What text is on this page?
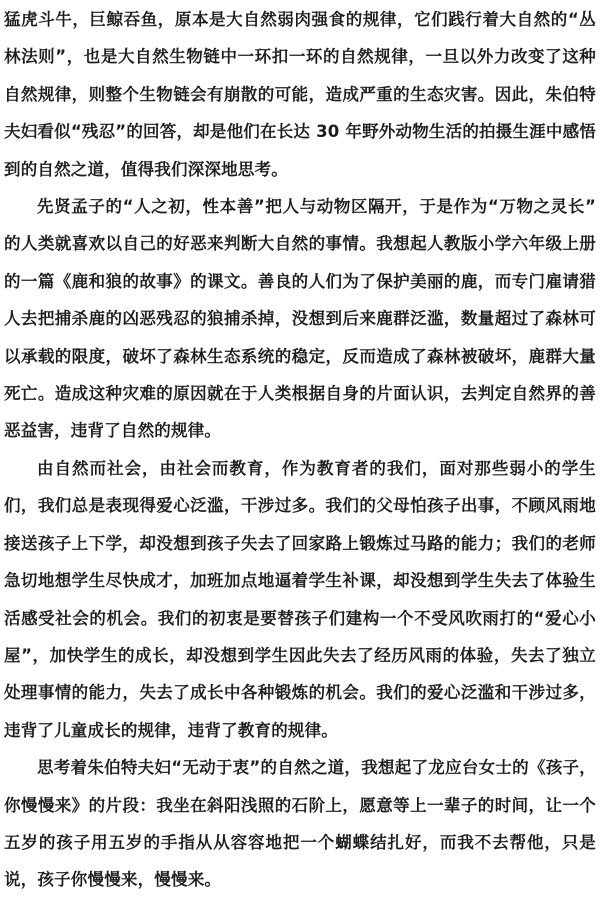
猛虎斗牛，巨鲸吞鱼，原本是大自然弱肉强食的规律，它们践行着大自然的“丛林法则”，也是大自然生物链中一环扣一环的自然规律，一旦以外力改变了这种自然规律，则整个生物链会有崩散的可能，造成严重的生态灾害。因此，朱伯特夫妇看似“残忍”的回答，却是他们在长达 30 年野外动物生活的拍摄生涯中感悟到的自然之道，值得我们深深地思考。

先贤孟子的“人之初，性本善”把人与动物区隔开，于是作为“万物之灵长”的人类就喜欢以自己的好恶来判断大自然的事情。我想起人教版小学六年级上册的一篇《鹿和狼的故事》的课文。善良的人们为了保护美丽的鹿，而专门雇请猎人去把捕杀鹿的凶恶残忍的狼捕杀掉，没想到后来鹿群泛滥，数量超过了森林可以承载的限度，破坏了森林生态系统的稳定，反而造成了森林被破坏，鹿群大量死亡。造成这种灾难的原因就在于人类根据自身的片面认识，去判定自然界的善恶益害，违背了自然的规律。

由自然而社会，由社会而教育，作为教育者的我们，面对那些弱小的学生们，我们总是表现得爱心泛滥，干涉过多。我们的父母怕孩子出事，不顾风雨地接送孩子上下学，却没想到孩子失去了回家路上锻炼过马路的能力；我们的老师急切地想学生尽快成才，加班加点地逼着学生补课，却没想到学生失去了体验生活感受社会的机会。我们的初衷是要替孩子们建构一个不受风吹雨打的“爱心小屋”，加快学生的成长，却没想到学生因此失去了经历风雨的体验，失去了独立处理事情的能力，失去了成长中各种锻炼的机会。我们的爱心泛滥和干涉过多，违背了儿童成长的规律，违背了教育的规律。

思考着朱伯特夫妇“无动于衷”的自然之道，我想起了龙应台女士的《孩子，你慢慢来》的片段：我坐在斜阳浅照的石阶上，愿意等上一辈子的时间，让一个五岁的孩子用五岁的手指从从容容地把一个蝴蝶结扎好，而我不去帮他，只是说，孩子你慢慢来，慢慢来。
